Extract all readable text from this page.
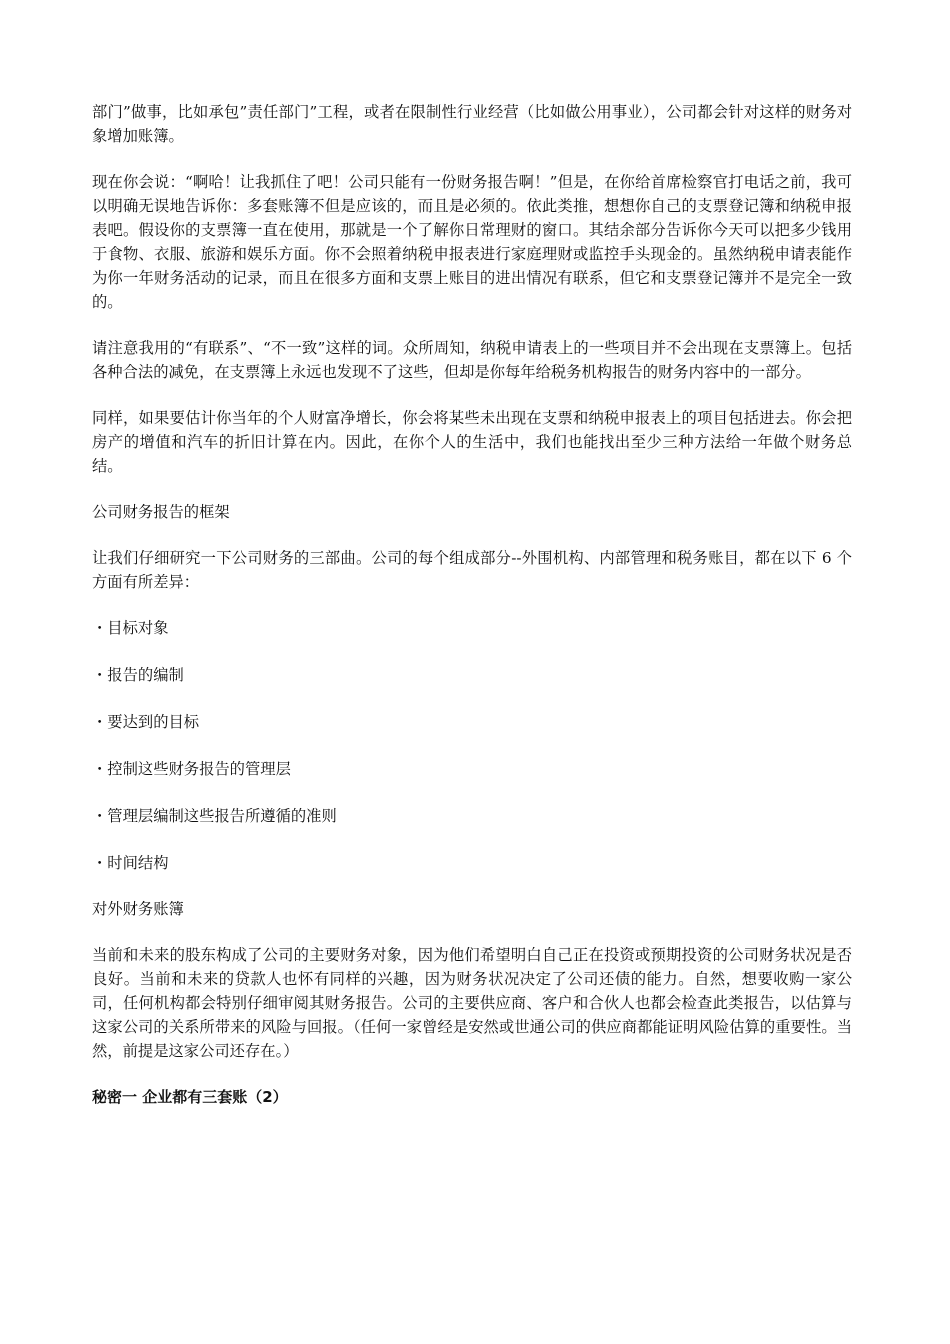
部门”做事，比如承包”责任部门”工程，或者在限制性行业经营（比如做公用事业），公司都会针对这样的财务对象增加账簿。

现在你会说：“啊哈！让我抓住了吧！公司只能有一份财务报告啊！”但是，在你给首席检察官打电话之前，我可以明确无误地告诉你：多套账簿不但是应该的，而且是必须的。依此类推，想想你自己的支票登记簿和纳税申报表吧。假设你的支票簿一直在使用，那就是一个了解你日常理财的窗口。其结余部分告诉你今天可以把多少钱用于食物、衣服、旅游和娱乐方面。你不会照着纳税申报表进行家庭理财或监控手头现金的。虽然纳税申请表能作为你一年财务活动的记录，而且在很多方面和支票上账目的进出情况有联系，但它和支票登记簿并不是完全一致的。

请注意我用的“有联系”、“不一致”这样的词。众所周知，纳税申请表上的一些项目并不会出现在支票簿上。包括各种合法的减免，在支票簿上永远也发现不了这些，但却是你每年给税务机构报告的财务内容中的一部分。

同样，如果要估计你当年的个人财富净增长，你会将某些未出现在支票和纳税申报表上的项目包括进去。你会把房产的增值和汽车的折旧计算在内。因此，在你个人的生活中，我们也能找出至少三种方法给一年做个财务总结。

公司财务报告的框架

让我们仔细研究一下公司财务的三部曲。公司的每个组成部分--外围机构、内部管理和税务账目，都在以下 6 个方面有所差异：

・目标对象

・报告的编制

・要达到的目标

・控制这些财务报告的管理层

・管理层编制这些报告所遵循的准则

・时间结构

对外财务账簿

当前和未来的股东构成了公司的主要财务对象，因为他们希望明白自己正在投资或预期投资的公司财务状况是否良好。当前和未来的贷款人也怀有同样的兴趣，因为财务状况决定了公司还债的能力。自然，想要收购一家公司，任何机构都会特别仔细审阅其财务报告。公司的主要供应商、客户和合伙人也都会检查此类报告，以估算与这家公司的关系所带来的风险与回报。（任何一家曾经是安然或世通公司的供应商都能证明风险估算的重要性。当然，前提是这家公司还存在。）

秘密一 企业都有三套账（2）
